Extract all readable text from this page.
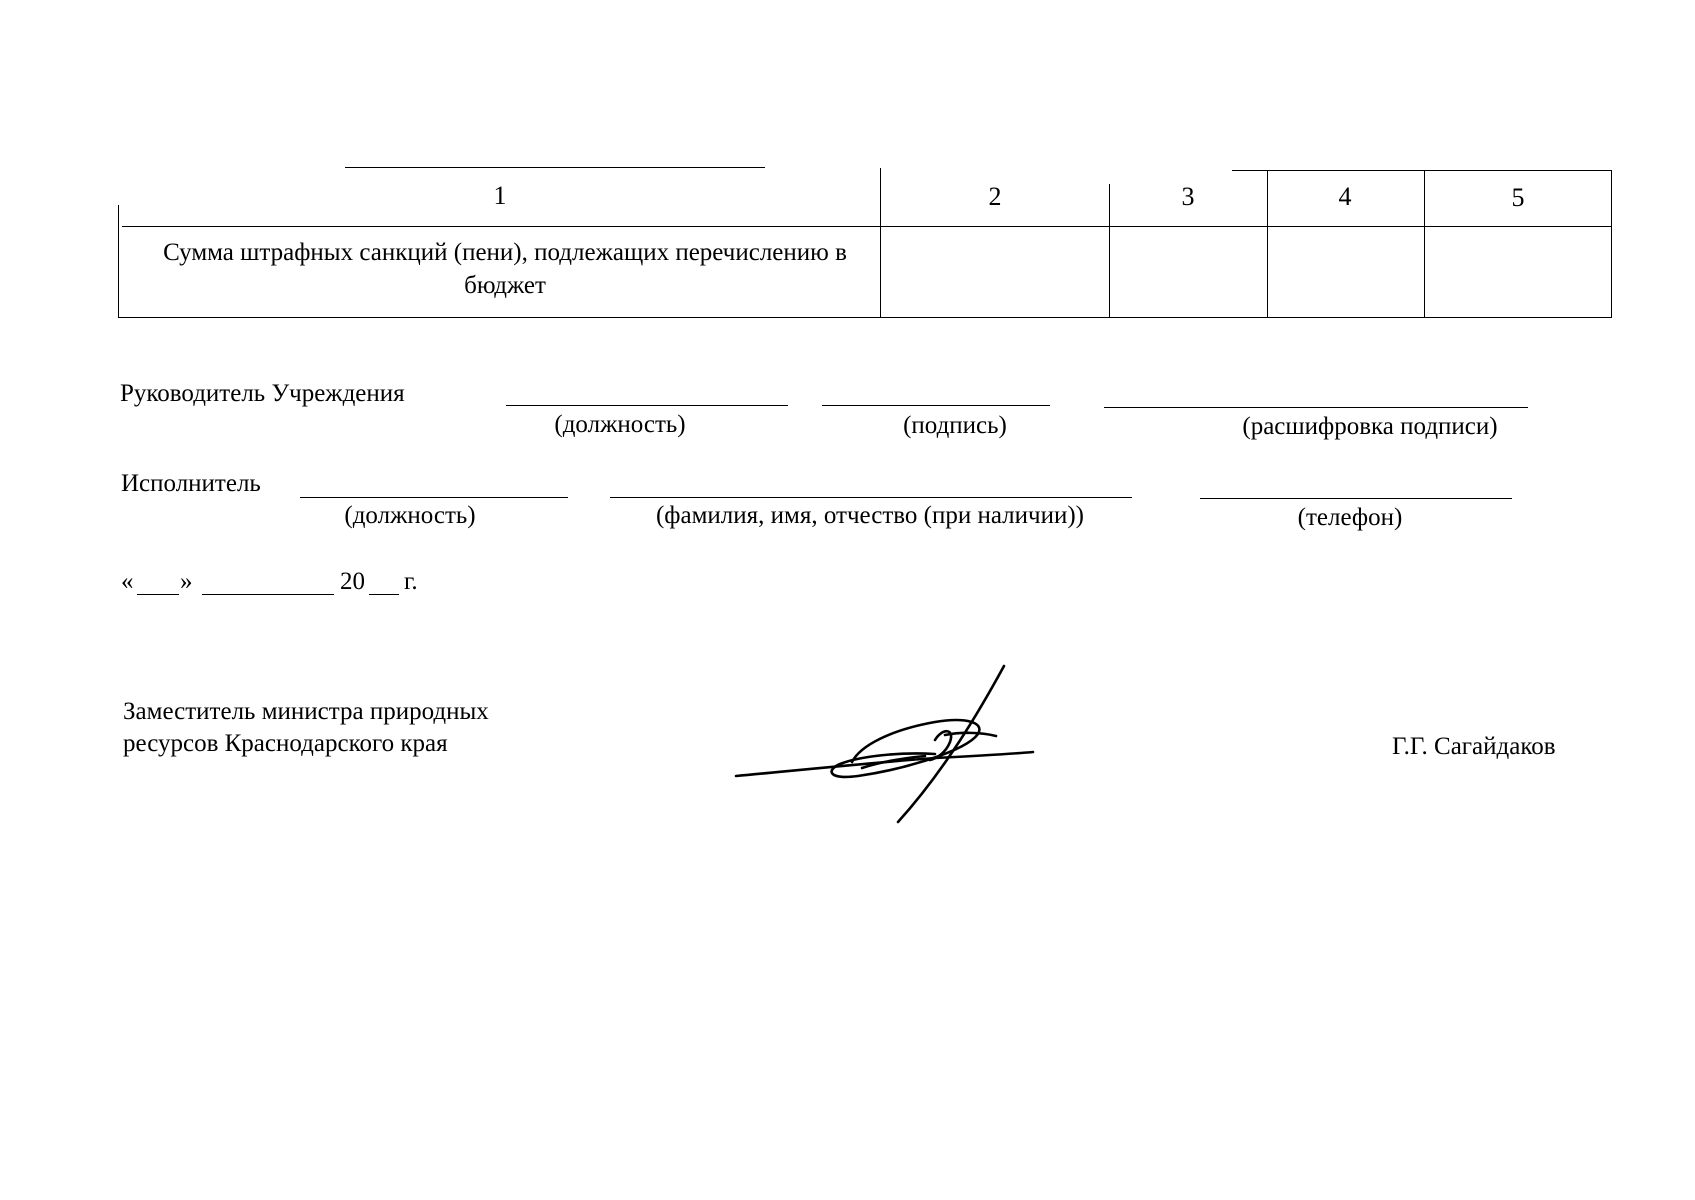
1	2	3	4	5
Сумма штрафных санкций (пени), подлежащих перечислению в бюджет
Руководитель Учреждения
(должность)	(подпись)	(расшифровка подписи)
Исполнитель
(должность)	(фамилия, имя, отчество (при наличии))	(телефон)
« »	20 г.
Заместитель министра природных
ресурсов Краснодарского края	Г.Г. Сагайдаков
